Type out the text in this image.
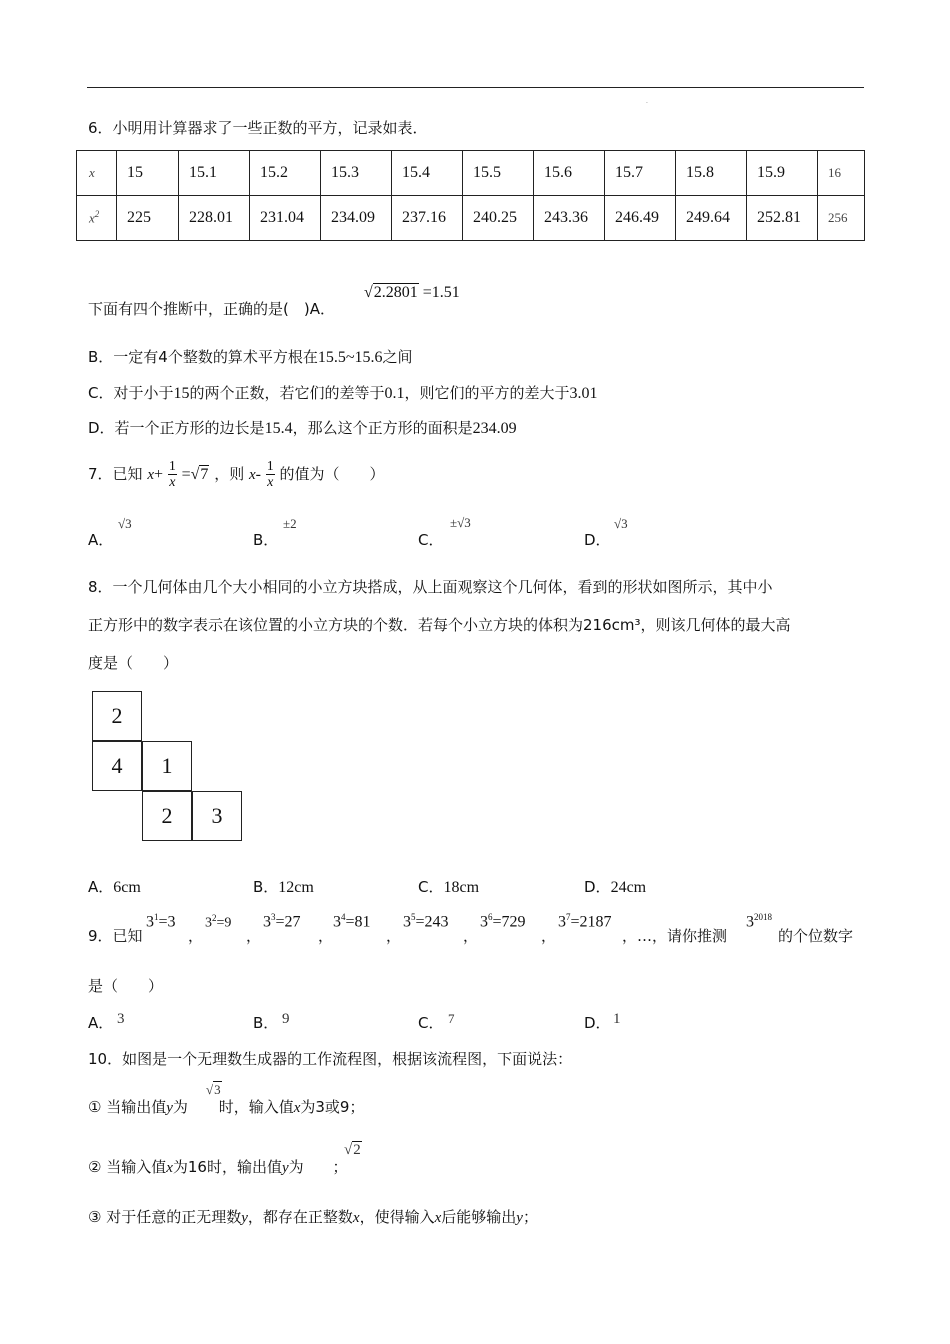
.
6．小明用计算器求了一些正数的平方，记录如表．
x	15	15.1	15.2	15.3	15.4	15.5	15.6	15.7	15.8	15.9	16
$x^2$	225	228.01	231.04	234.09	237.16	240.25	243.36	246.49	249.64	252.81	256
下面有四个推断中，正确的是(　)A．
√2.2801 =1.51
B．一定有4个整数的算术平方根在15.5~15.6之间
C．对于小于15的两个正数，若它们的差等于0.1，则它们的平方的差大于3.01
D．若一个正方形的边长是15.4，那么这个正方形的面积是234.09
7．已知 $x+ \frac{1}{x} =√7$ ，则 $x- \frac{1}{x}$ 的值为（　　）
A．
√3
B．
±2
C．
±√3
D．
√3
8．一个几何体由几个大小相同的小立方块搭成，从上面观察这个几何体，看到的形状如图所示，其中小
正方形中的数字表示在该位置的小立方块的个数．若每个小立方块的体积为216cm³，则该几何体的最大高
度是（　　）
2
4	1
2	3
A．6cm	B．12cm	C．18cm	D．24cm
9．已知
$3^1=3$
，
$3^2=9$
，
$3^3=27$
，
$3^4=81$
，
$3^5=243$
，
$3^6=729$
，
$3^7=2187$
，…，请你推测
$3^{2018}$
的个位数字
是（　　）
A． 3	B． 9	C． 7	D． 1
10．如图是一个无理数生成器的工作流程图，根据该流程图，下面说法：
① 当输出值y为 时，输入值x为3或9；
√3
② 当输入值x为16时，输出值y为 ；
√2
③ 对于任意的正无理数y，都存在正整数x，使得输入x后能够输出y；
